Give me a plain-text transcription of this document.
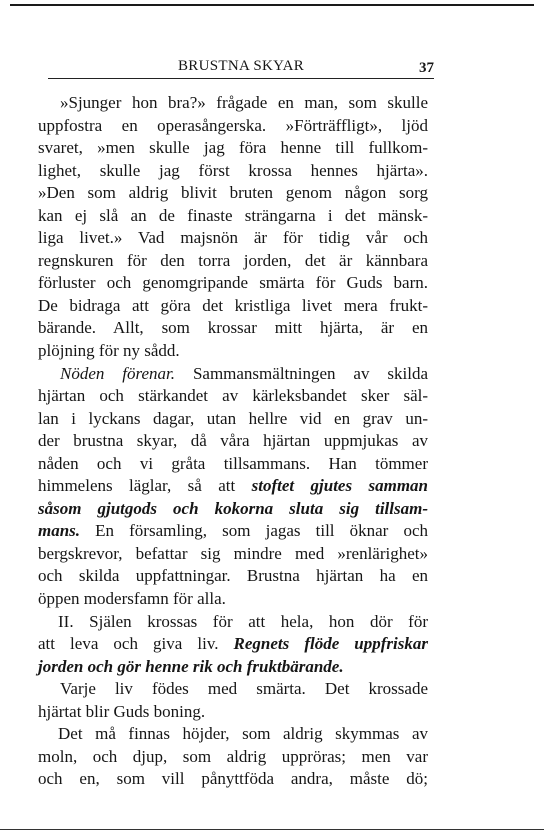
BRUSTNA SKYAR	37
»Sjunger hon bra?» frågade en man, som skulle
uppfostra en operasångerska. »Förträffligt», ljöd
svaret, »men skulle jag föra henne till fullkom-
lighet, skulle jag först krossa hennes hjärta».
»Den som aldrig blivit bruten genom någon sorg
kan ej slå an de finaste strängarna i det mänsk-
liga livet.» Vad majsnön är för tidig vår och
regnskuren för den torra jorden, det är kännbara
förluster och genomgripande smärta för Guds barn.
De bidraga att göra det kristliga livet mera frukt-
bärande. Allt, som krossar mitt hjärta, är en
plöjning för ny sådd.
Nöden förenar. Sammansmältningen av skilda
hjärtan och stärkandet av kärleksbandet sker säl-
lan i lyckans dagar, utan hellre vid en grav un-
der brustna skyar, då våra hjärtan uppmjukas av
nåden och vi gråta tillsammans. Han tömmer
himmelens läglar, så att stoftet gjutes samman
såsom gjutgods och kokorna sluta sig tillsam-
mans. En församling, som jagas till öknar och
bergskrevor, befattar sig mindre med »renlärighet»
och skilda uppfattningar. Brustna hjärtan ha en
öppen modersfamn för alla.
II. Själen krossas för att hela, hon dör för
att leva och giva liv. Regnets flöde uppfriskar
jorden och gör henne rik och fruktbärande.
Varje liv födes med smärta. Det krossade
hjärtat blir Guds boning.
Det må finnas höjder, som aldrig skymmas av
moln, och djup, som aldrig uppröras; men var
och en, som vill pånyttföda andra, måste dö;
